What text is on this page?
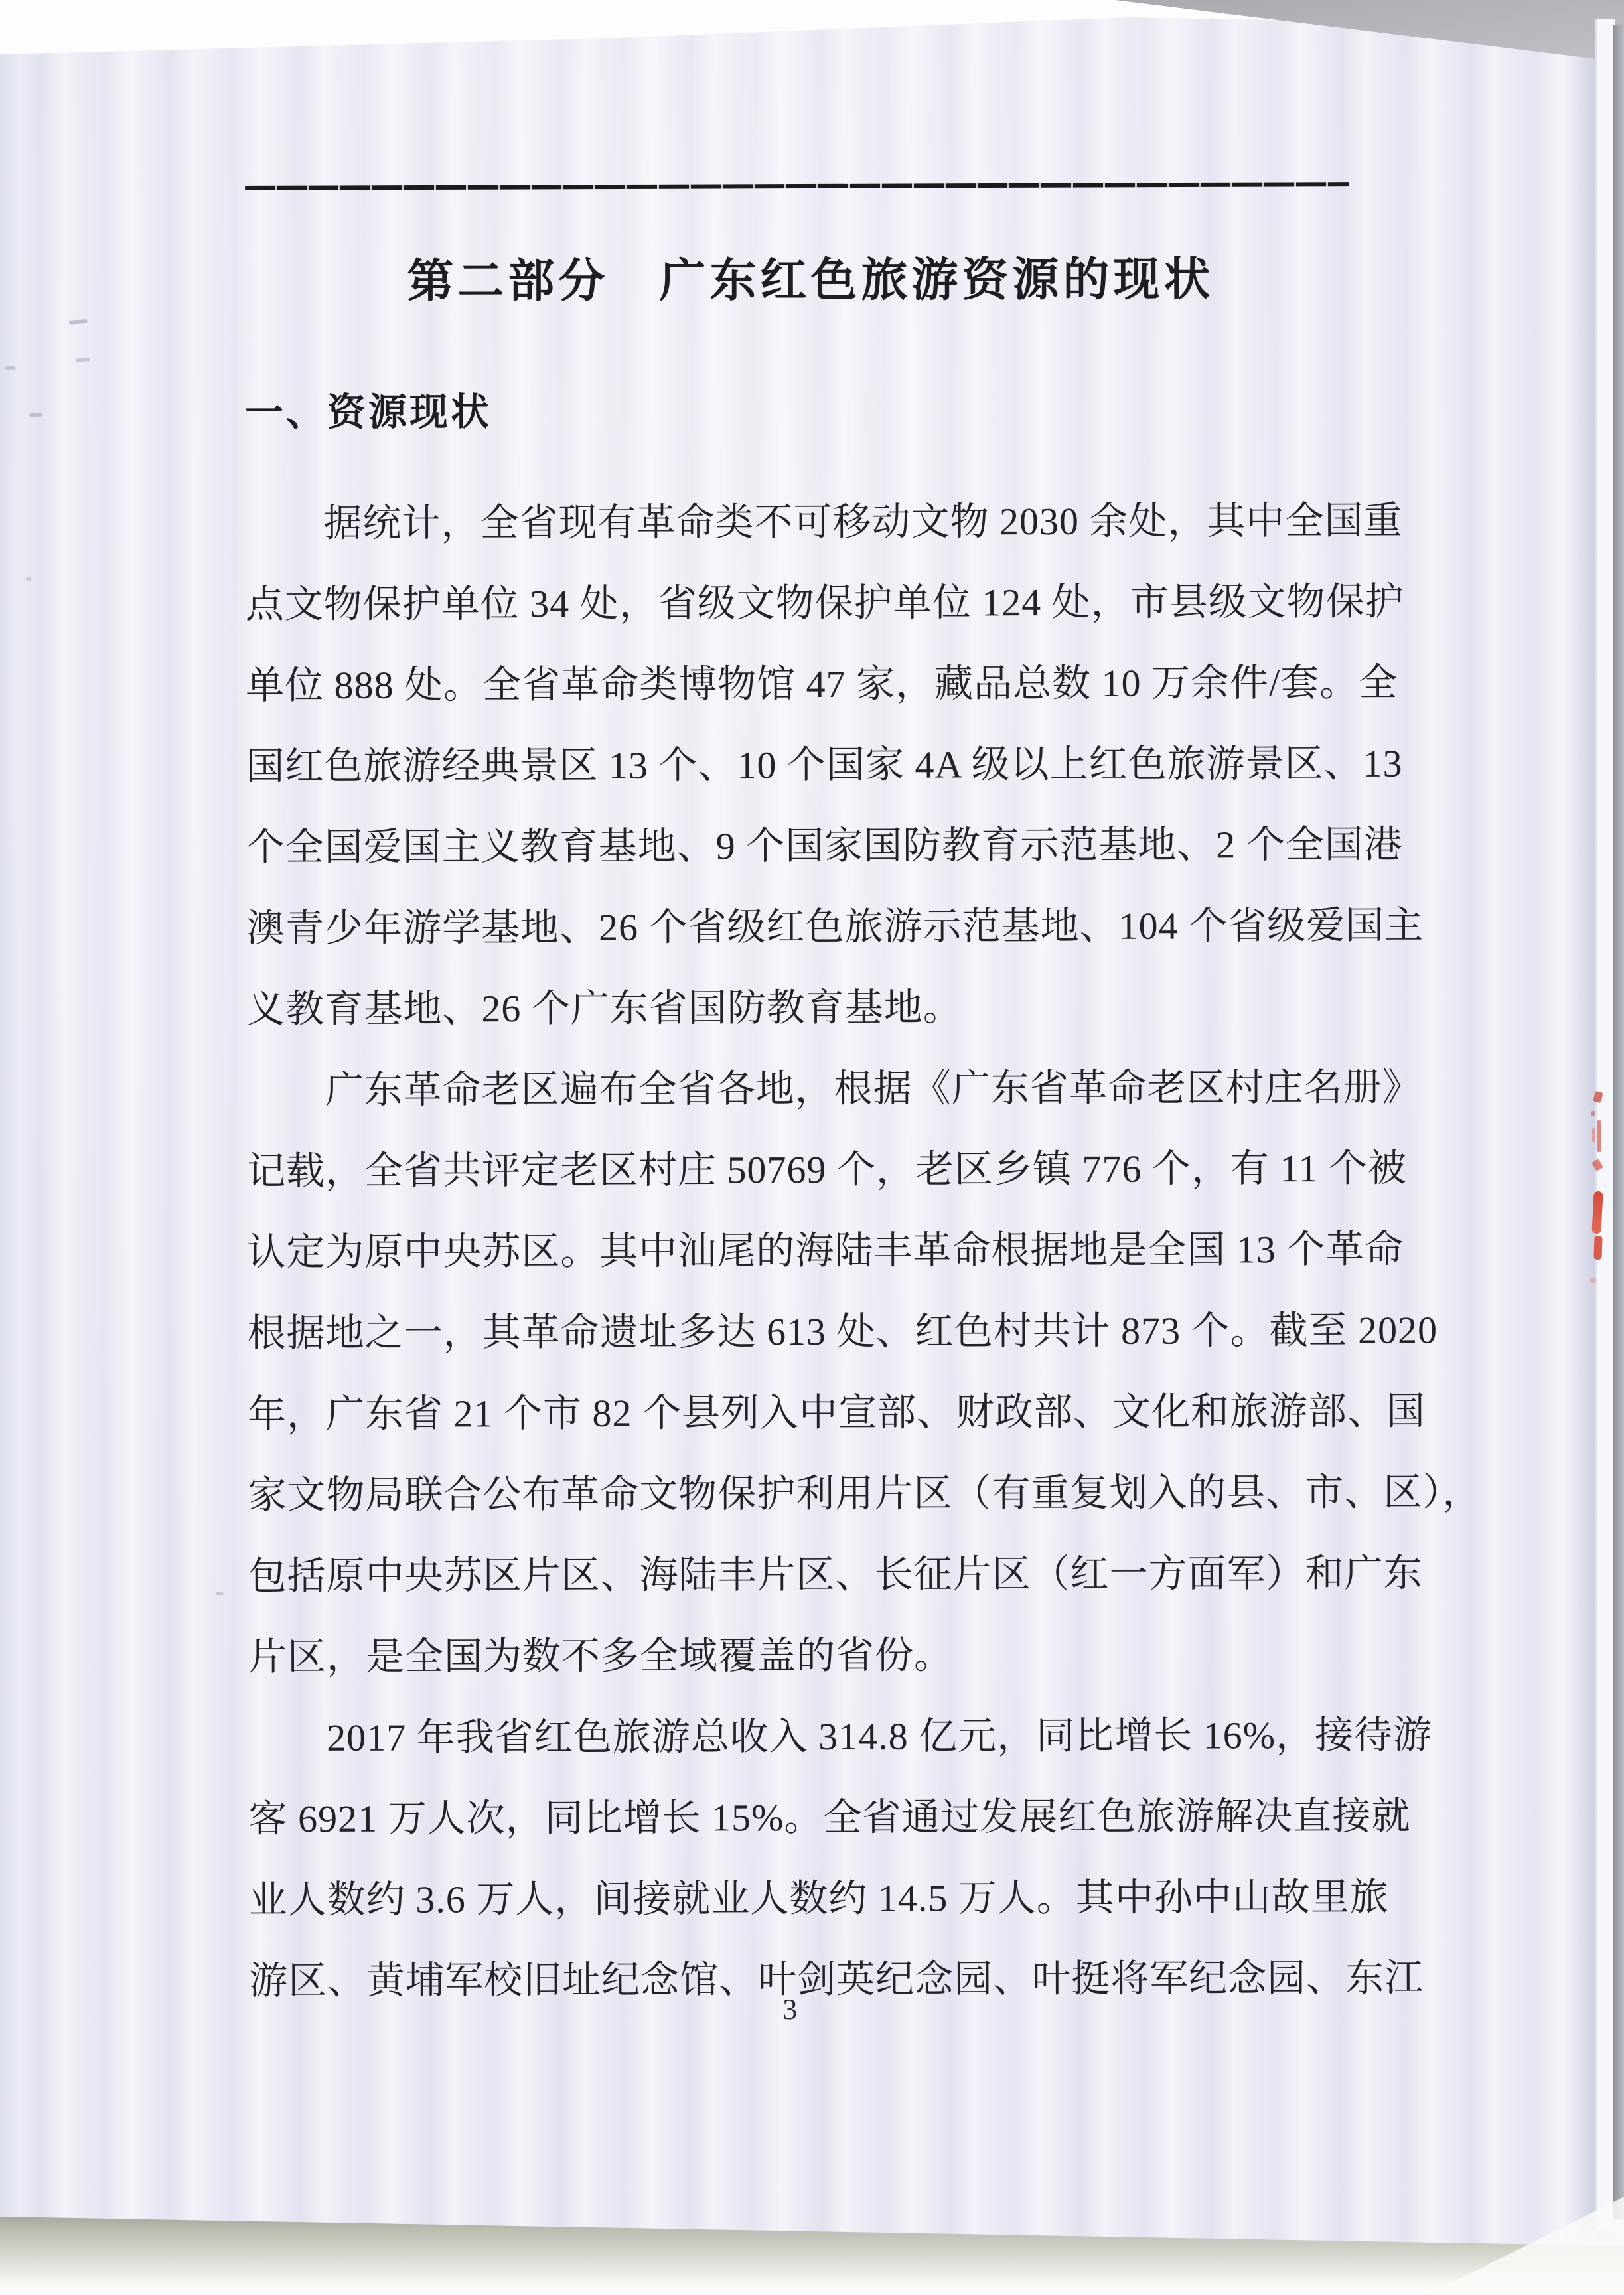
第二部分　广东红色旅游资源的现状
一、资源现状
据统计，全省现有革命类不可移动文物 2030 余处，其中全国重
点文物保护单位 34 处，省级文物保护单位 124 处，市县级文物保护
单位 888 处。全省革命类博物馆 47 家，藏品总数 10 万余件/套。全
国红色旅游经典景区 13 个、10 个国家 4A 级以上红色旅游景区、13
个全国爱国主义教育基地、9 个国家国防教育示范基地、2 个全国港
澳青少年游学基地、26 个省级红色旅游示范基地、104 个省级爱国主
义教育基地、26 个广东省国防教育基地。
广东革命老区遍布全省各地，根据《广东省革命老区村庄名册》
记载，全省共评定老区村庄 50769 个，老区乡镇 776 个，有 11 个被
认定为原中央苏区。其中汕尾的海陆丰革命根据地是全国 13 个革命
根据地之一，其革命遗址多达 613 处、红色村共计 873 个。截至 2020
年，广东省 21 个市 82 个县列入中宣部、财政部、文化和旅游部、国
家文物局联合公布革命文物保护利用片区（有重复划入的县、市、区），
包括原中央苏区片区、海陆丰片区、长征片区（红一方面军）和广东
片区，是全国为数不多全域覆盖的省份。
2017 年我省红色旅游总收入 314.8 亿元，同比增长 16%，接待游
客 6921 万人次，同比增长 15%。全省通过发展红色旅游解决直接就
业人数约 3.6 万人，间接就业人数约 14.5 万人。其中孙中山故里旅
游区、黄埔军校旧址纪念馆、叶剑英纪念园、叶挺将军纪念园、东江
3
